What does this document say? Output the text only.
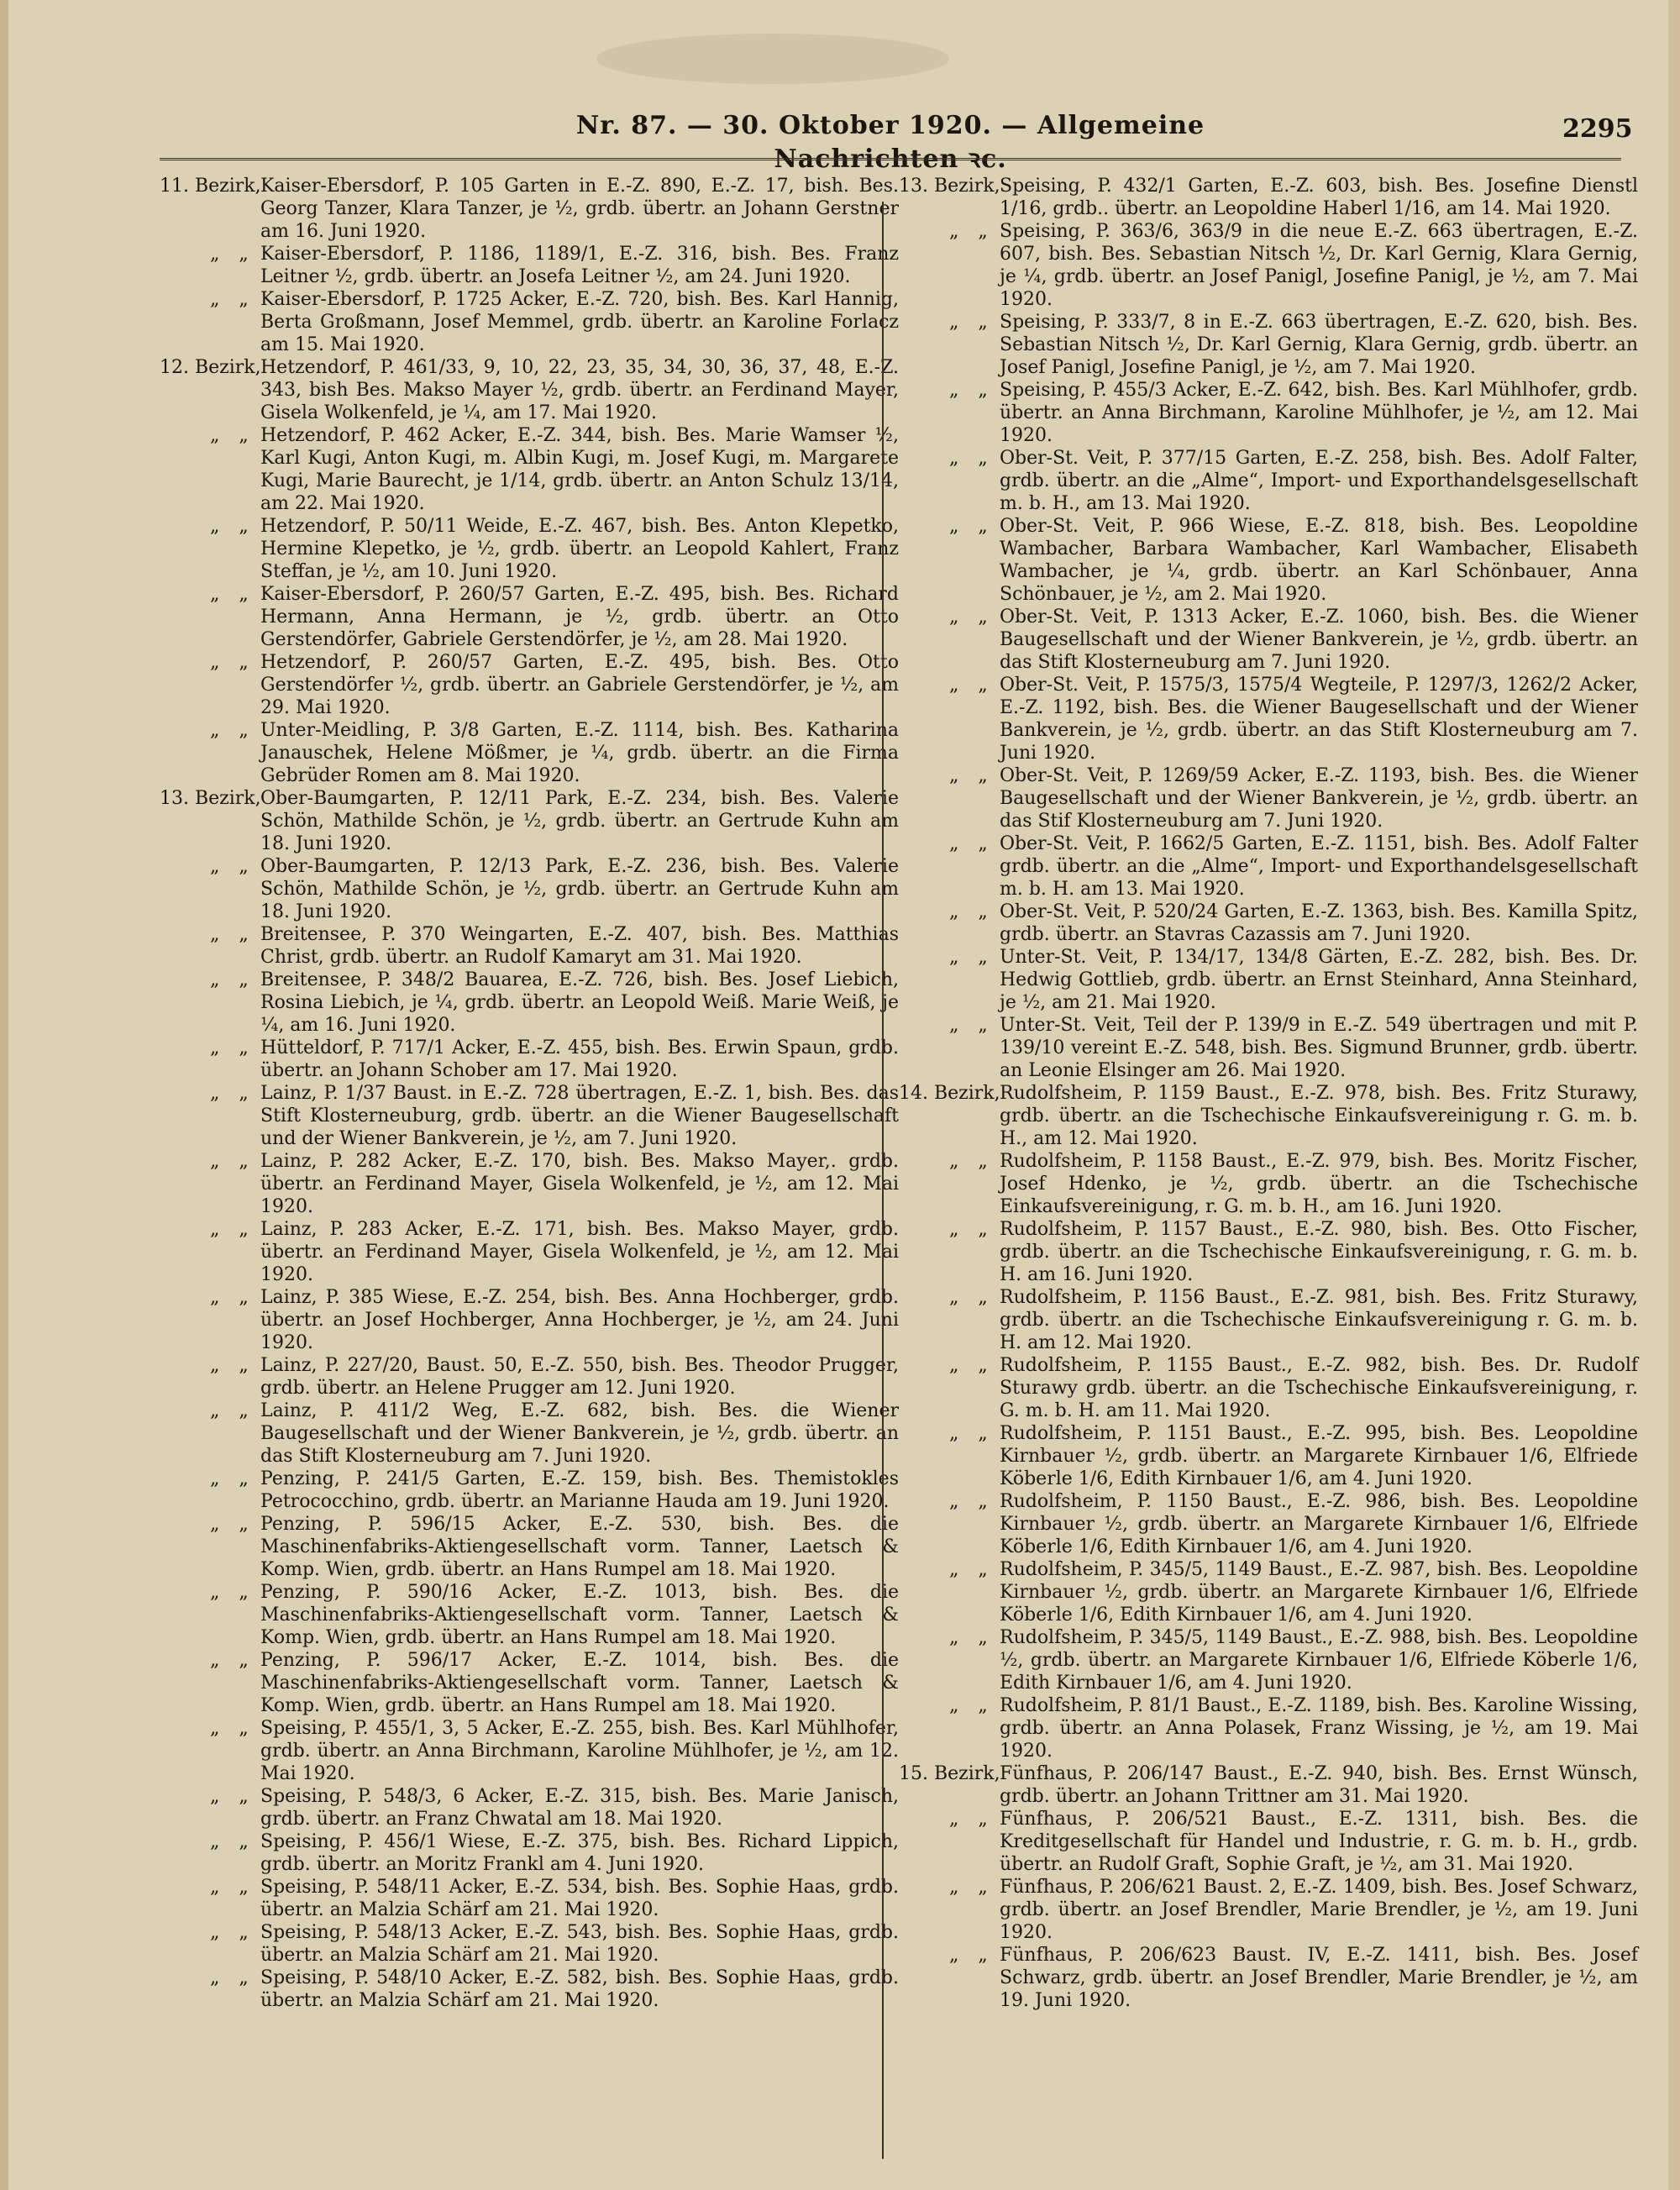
Nr. 87. — 30. Oktober 1920. — Allgemeine Nachrichten ꝛc.
2295
11. Bezirk, Kaiser-Ebersdorf, P. 105 Garten in E.-Z. 890, E.-Z. 17, bish. Bes. Georg Tanzer, Klara Tanzer, je ½, grdb. übertr. an Johann Gerstner am 16. Juni 1920.
„ „ Kaiser-Ebersdorf, P. 1186, 1189/1, E.-Z. 316, bish. Bes. Franz Leitner ½, grdb. übertr. an Josefa Leitner ½, am 24. Juni 1920.
„ „ Kaiser-Ebersdorf, P. 1725 Acker, E.-Z. 720, bish. Bes. Karl Hannig, Berta Großmann, Josef Memmel, grdb. übertr. an Karoline Forlacz am 15. Mai 1920.
12. Bezirk, Hetzendorf, P. 461/33, 9, 10, 22, 23, 35, 34, 30, 36, 37, 48, E.-Z. 343, bish Bes. Makso Mayer ½, grdb. übertr. an Ferdinand Mayer, Gisela Wolkenfeld, je ¼, am 17. Mai 1920.
„ „ Hetzendorf, P. 462 Acker, E.-Z. 344, bish. Bes. Marie Wamser ½, Karl Kugi, Anton Kugi, m. Albin Kugi, m. Josef Kugi, m. Margarete Kugi, Marie Baurecht, je 1/14, grdb. übertr. an Anton Schulz 13/14, am 22. Mai 1920.
„ „ Hetzendorf, P. 50/11 Weide, E.-Z. 467, bish. Bes. Anton Klepetko, Hermine Klepetko, je ½, grdb. übertr. an Leopold Kahlert, Franz Steffan, je ½, am 10. Juni 1920.
„ „ Kaiser-Ebersdorf, P. 260/57 Garten, E.-Z. 495, bish. Bes. Richard Hermann, Anna Hermann, je ½, grdb. übertr. an Otto Gerstendörfer, Gabriele Gerstendörfer, je ½, am 28. Mai 1920.
„ „ Hetzendorf, P. 260/57 Garten, E.-Z. 495, bish. Bes. Otto Gerstendörfer ½, grdb. übertr. an Gabriele Gerstendörfer, je ½, am 29. Mai 1920.
„ „ Unter-Meidling, P. 3/8 Garten, E.-Z. 1114, bish. Bes. Katharina Janauschek, Helene Mößmer, je ¼, grdb. übertr. an die Firma Gebrüder Romen am 8. Mai 1920.
13. Bezirk, Ober-Baumgarten, P. 12/11 Park, E.-Z. 234, bish. Bes. Valerie Schön, Mathilde Schön, je ½, grdb. übertr. an Gertrude Kuhn am 18. Juni 1920.
„ „ Ober-Baumgarten, P. 12/13 Park, E.-Z. 236, bish. Bes. Valerie Schön, Mathilde Schön, je ½, grdb. übertr. an Gertrude Kuhn am 18. Juni 1920.
„ „ Breitensee, P. 370 Weingarten, E.-Z. 407, bish. Bes. Matthias Christ, grdb. übertr. an Rudolf Kamaryt am 31. Mai 1920.
„ „ Breitensee, P. 348/2 Bauarea, E.-Z. 726, bish. Bes. Josef Liebich, Rosina Liebich, je ¼, grdb. übertr. an Leopold Weiß. Marie Weiß, je ¼, am 16. Juni 1920.
„ „ Hütteldorf, P. 717/1 Acker, E.-Z. 455, bish. Bes. Erwin Spaun, grdb. übertr. an Johann Schober am 17. Mai 1920.
„ „ Lainz, P. 1/37 Baust. in E.-Z. 728 übertragen, E.-Z. 1, bish. Bes. das Stift Klosterneuburg, grdb. übertr. an die Wiener Baugesellschaft und der Wiener Bankverein, je ½, am 7. Juni 1920.
„ „ Lainz, P. 282 Acker, E.-Z. 170, bish. Bes. Makso Mayer,. grdb. übertr. an Ferdinand Mayer, Gisela Wolkenfeld, je ½, am 12. Mai 1920.
„ „ Lainz, P. 283 Acker, E.-Z. 171, bish. Bes. Makso Mayer, grdb. übertr. an Ferdinand Mayer, Gisela Wolkenfeld, je ½, am 12. Mai 1920.
„ „ Lainz, P. 385 Wiese, E.-Z. 254, bish. Bes. Anna Hochberger, grdb. übertr. an Josef Hochberger, Anna Hochberger, je ½, am 24. Juni 1920.
„ „ Lainz, P. 227/20, Baust. 50, E.-Z. 550, bish. Bes. Theodor Prugger, grdb. übertr. an Helene Prugger am 12. Juni 1920.
„ „ Lainz, P. 411/2 Weg, E.-Z. 682, bish. Bes. die Wiener Baugesellschaft und der Wiener Bankverein, je ½, grdb. übertr. an das Stift Klosterneuburg am 7. Juni 1920.
„ „ Penzing, P. 241/5 Garten, E.-Z. 159, bish. Bes. Themistokles Petrococchino, grdb. übertr. an Marianne Hauda am 19. Juni 1920.
„ „ Penzing, P. 596/15 Acker, E.-Z. 530, bish. Bes. die Maschinenfabriks-Aktiengesellschaft vorm. Tanner, Laetsch & Komp. Wien, grdb. übertr. an Hans Rumpel am 18. Mai 1920.
„ „ Penzing, P. 590/16 Acker, E.-Z. 1013, bish. Bes. die Maschinenfabriks-Aktiengesellschaft vorm. Tanner, Laetsch & Komp. Wien, grdb. übertr. an Hans Rumpel am 18. Mai 1920.
„ „ Penzing, P. 596/17 Acker, E.-Z. 1014, bish. Bes. die Maschinenfabriks-Aktiengesellschaft vorm. Tanner, Laetsch & Komp. Wien, grdb. übertr. an Hans Rumpel am 18. Mai 1920.
„ „ Speising, P. 455/1, 3, 5 Acker, E.-Z. 255, bish. Bes. Karl Mühlhofer, grdb. übertr. an Anna Birchmann, Karoline Mühlhofer, je ½, am 12. Mai 1920.
„ „ Speising, P. 548/3, 6 Acker, E.-Z. 315, bish. Bes. Marie Janisch, grdb. übertr. an Franz Chwatal am 18. Mai 1920.
„ „ Speising, P. 456/1 Wiese, E.-Z. 375, bish. Bes. Richard Lippich, grdb. übertr. an Moritz Frankl am 4. Juni 1920.
„ „ Speising, P. 548/11 Acker, E.-Z. 534, bish. Bes. Sophie Haas, grdb. übertr. an Malzia Schärf am 21. Mai 1920.
„ „ Speising, P. 548/13 Acker, E.-Z. 543, bish. Bes. Sophie Haas, grdb. übertr. an Malzia Schärf am 21. Mai 1920.
„ „ Speising, P. 548/10 Acker, E.-Z. 582, bish. Bes. Sophie Haas, grdb. übertr. an Malzia Schärf am 21. Mai 1920.
13. Bezirk, Speising, P. 432/1 Garten, E.-Z. 603, bish. Bes. Josefine Dienstl 1/16, grdb.. übertr. an Leopoldine Haberl 1/16, am 14. Mai 1920.
„ „ Speising, P. 363/6, 363/9 in die neue E.-Z. 663 übertragen, E.-Z. 607, bish. Bes. Sebastian Nitsch ½, Dr. Karl Gernig, Klara Gernig, je ¼, grdb. übertr. an Josef Panigl, Josefine Panigl, je ½, am 7. Mai 1920.
„ „ Speising, P. 333/7, 8 in E.-Z. 663 übertragen, E.-Z. 620, bish. Bes. Sebastian Nitsch ½, Dr. Karl Gernig, Klara Gernig, grdb. übertr. an Josef Panigl, Josefine Panigl, je ½, am 7. Mai 1920.
„ „ Speising, P. 455/3 Acker, E.-Z. 642, bish. Bes. Karl Mühlhofer, grdb. übertr. an Anna Birchmann, Karoline Mühlhofer, je ½, am 12. Mai 1920.
„ „ Ober-St. Veit, P. 377/15 Garten, E.-Z. 258, bish. Bes. Adolf Falter, grdb. übertr. an die „Alme“, Import- und Exporthandelsgesellschaft m. b. H., am 13. Mai 1920.
„ „ Ober-St. Veit, P. 966 Wiese, E.-Z. 818, bish. Bes. Leopoldine Wambacher, Barbara Wambacher, Karl Wambacher, Elisabeth Wambacher, je ¼, grdb. übertr. an Karl Schönbauer, Anna Schönbauer, je ½, am 2. Mai 1920.
„ „ Ober-St. Veit, P. 1313 Acker, E.-Z. 1060, bish. Bes. die Wiener Baugesellschaft und der Wiener Bankverein, je ½, grdb. übertr. an das Stift Klosterneuburg am 7. Juni 1920.
„ „ Ober-St. Veit, P. 1575/3, 1575/4 Wegteile, P. 1297/3, 1262/2 Acker, E.-Z. 1192, bish. Bes. die Wiener Baugesellschaft und der Wiener Bankverein, je ½, grdb. übertr. an das Stift Klosterneuburg am 7. Juni 1920.
„ „ Ober-St. Veit, P. 1269/59 Acker, E.-Z. 1193, bish. Bes. die Wiener Baugesellschaft und der Wiener Bankverein, je ½, grdb. übertr. an das Stif Klosterneuburg am 7. Juni 1920.
„ „ Ober-St. Veit, P. 1662/5 Garten, E.-Z. 1151, bish. Bes. Adolf Falter grdb. übertr. an die „Alme“, Import- und Exporthandelsgesellschaft m. b. H. am 13. Mai 1920.
„ „ Ober-St. Veit, P. 520/24 Garten, E.-Z. 1363, bish. Bes. Kamilla Spitz, grdb. übertr. an Stavras Cazassis am 7. Juni 1920.
„ „ Unter-St. Veit, P. 134/17, 134/8 Gärten, E.-Z. 282, bish. Bes. Dr. Hedwig Gottlieb, grdb. übertr. an Ernst Steinhard, Anna Steinhard, je ½, am 21. Mai 1920.
„ „ Unter-St. Veit, Teil der P. 139/9 in E.-Z. 549 übertragen und mit P. 139/10 vereint E.-Z. 548, bish. Bes. Sigmund Brunner, grdb. übertr. an Leonie Elsinger am 26. Mai 1920.
14. Bezirk, Rudolfsheim, P. 1159 Baust., E.-Z. 978, bish. Bes. Fritz Sturawy, grdb. übertr. an die Tschechische Einkaufsvereinigung r. G. m. b. H., am 12. Mai 1920.
„ „ Rudolfsheim, P. 1158 Baust., E.-Z. 979, bish. Bes. Moritz Fischer, Josef Hdenko, je ½, grdb. übertr. an die Tschechische Einkaufsvereinigung, r. G. m. b. H., am 16. Juni 1920.
„ „ Rudolfsheim, P. 1157 Baust., E.-Z. 980, bish. Bes. Otto Fischer, grdb. übertr. an die Tschechische Einkaufsvereinigung, r. G. m. b. H. am 16. Juni 1920.
„ „ Rudolfsheim, P. 1156 Baust., E.-Z. 981, bish. Bes. Fritz Sturawy, grdb. übertr. an die Tschechische Einkaufsvereinigung r. G. m. b. H. am 12. Mai 1920.
„ „ Rudolfsheim, P. 1155 Baust., E.-Z. 982, bish. Bes. Dr. Rudolf Sturawy grdb. übertr. an die Tschechische Einkaufsvereinigung, r. G. m. b. H. am 11. Mai 1920.
„ „ Rudolfsheim, P. 1151 Baust., E.-Z. 995, bish. Bes. Leopoldine Kirnbauer ½, grdb. übertr. an Margarete Kirnbauer 1/6, Elfriede Köberle 1/6, Edith Kirnbauer 1/6, am 4. Juni 1920.
„ „ Rudolfsheim, P. 1150 Baust., E.-Z. 986, bish. Bes. Leopoldine Kirnbauer ½, grdb. übertr. an Margarete Kirnbauer 1/6, Elfriede Köberle 1/6, Edith Kirnbauer 1/6, am 4. Juni 1920.
„ „ Rudolfsheim, P. 345/5, 1149 Baust., E.-Z. 987, bish. Bes. Leopoldine Kirnbauer ½, grdb. übertr. an Margarete Kirnbauer 1/6, Elfriede Köberle 1/6, Edith Kirnbauer 1/6, am 4. Juni 1920.
„ „ Rudolfsheim, P. 345/5, 1149 Baust., E.-Z. 988, bish. Bes. Leopoldine ½, grdb. übertr. an Margarete Kirnbauer 1/6, Elfriede Köberle 1/6, Edith Kirnbauer 1/6, am 4. Juni 1920.
„ „ Rudolfsheim, P. 81/1 Baust., E.-Z. 1189, bish. Bes. Karoline Wissing, grdb. übertr. an Anna Polasek, Franz Wissing, je ½, am 19. Mai 1920.
15. Bezirk, Fünfhaus, P. 206/147 Baust., E.-Z. 940, bish. Bes. Ernst Wünsch, grdb. übertr. an Johann Trittner am 31. Mai 1920.
„ „ Fünfhaus, P. 206/521 Baust., E.-Z. 1311, bish. Bes. die Kreditgesellschaft für Handel und Industrie, r. G. m. b. H., grdb. übertr. an Rudolf Graft, Sophie Graft, je ½, am 31. Mai 1920.
„ „ Fünfhaus, P. 206/621 Baust. 2, E.-Z. 1409, bish. Bes. Josef Schwarz, grdb. übertr. an Josef Brendler, Marie Brendler, je ½, am 19. Juni 1920.
„ „ Fünfhaus, P. 206/623 Baust. IV, E.-Z. 1411, bish. Bes. Josef Schwarz, grdb. übertr. an Josef Brendler, Marie Brendler, je ½, am 19. Juni 1920.
